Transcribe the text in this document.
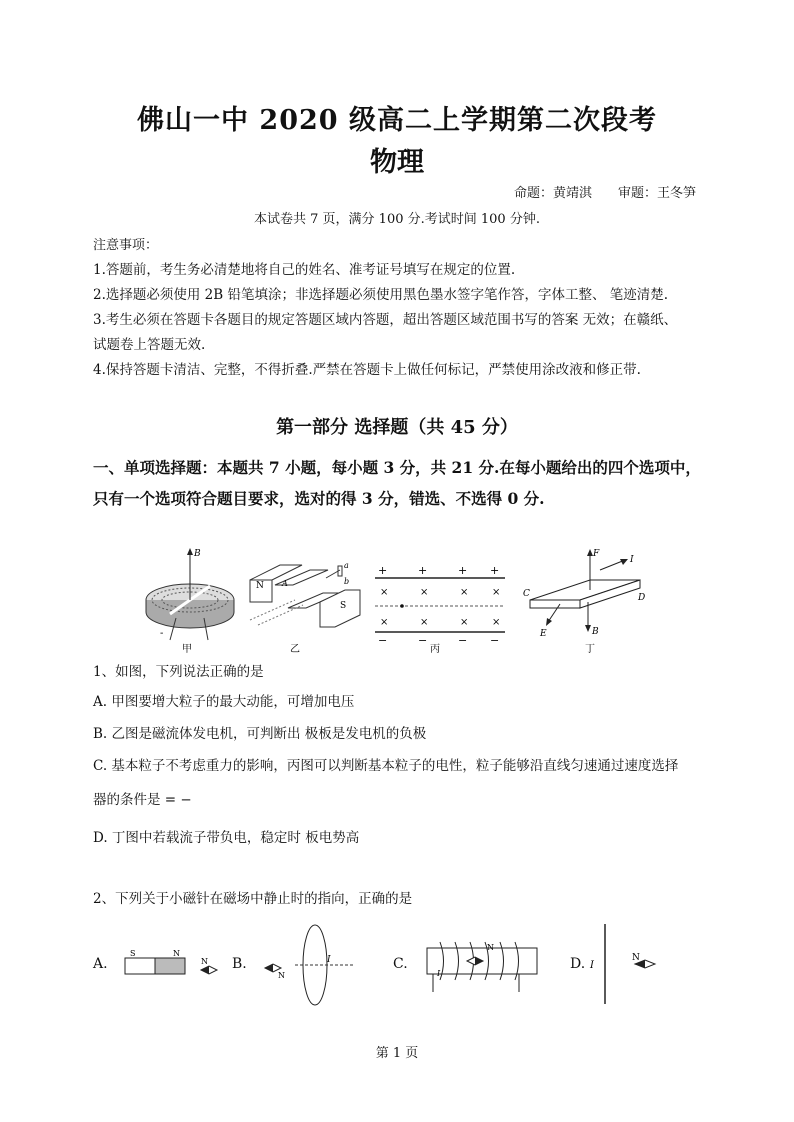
佛山一中 2020 级高二上学期第二次段考
物理
命题：黄靖淇　　审题：王冬笋
本试卷共 7 页，满分 100 分.考试时间 100 分钟.
注意事项：
1.答题前，考生务必清楚地将自己的姓名、准考证号填写在规定的位置.
2.选择题必须使用 2B 铅笔填涂；非选择题必须使用黑色墨水签字笔作答，字体工整、 笔迹清楚.
3.考生必须在答题卡各题目的规定答题区域内答题，超出答题区域范围书写的答案 无效；在赣纸、
试题卷上答题无效.
4.保持答题卡清洁、完整，不得折叠.严禁在答题卡上做任何标记，严禁使用涂改液和修正带.
第一部分 选择题（共 45 分）
一、单项选择题：本题共 7 小题，每小题 3 分，共 21 分.在每小题给出的四个选项中，
只有一个选项符合题目要求，选对的得 3 分，错选、不选得 0 分.
B
-
甲
N A
S
a
b
乙
+	+	+ +
−	−	− −
×	×	× ×
×	×	× ×
丙
F
I
B
C	D
E
丁
1、如图，下列说法正确的是
A. 甲图要增大粒子的最大动能，可增加电压
B. 乙图是磁流体发电机，可判断出 极板是发电机的负极
C. 基本粒子不考虑重力的影响，丙图可以判断基本粒子的电性，粒子能够沿直线匀速通过速度选择
器的条件是 = −
D. 丁图中若载流子带负电，稳定时 板电势高
2、下列关于小磁针在磁场中静止时的指向，正确的是
A.	B.	C.	D.
S	N
N
N
I
N
I
I
N
第 1 页
